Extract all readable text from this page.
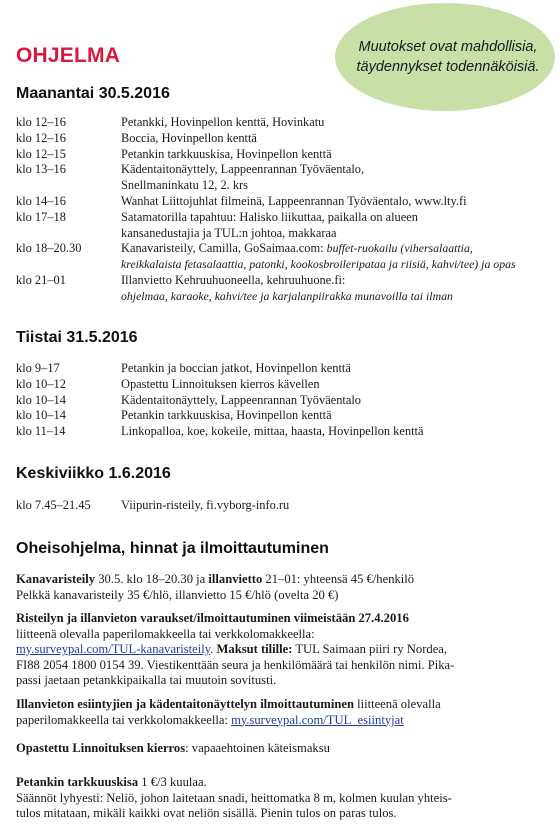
OHJELMA	Muutokset ovat mahdollisia,
täydennykset todennäköisiä.
Maanantai 30.5.2016
klo 12–16	Petankki, Hovinpellon kenttä, Hovinkatu
klo 12–16	Boccia, Hovinpellon kenttä
klo 12–15	Petankin tarkkuuskisa, Hovinpellon kenttä
klo 13–16	Kädentaitonäyttely, Lappeenrannan Työväentalo,
Snellmaninkatu 12, 2. krs
klo 14–16	Wanhat Liittojuhlat filmeinä, Lappeenrannan Työväentalo, www.lty.fi
klo 17–18	Satamatorilla tapahtuu: Halisko liikuttaa, paikalla on alueen
kansanedustajia ja TUL:n johtoa, makkaraa
klo 18–20.30	Kanavaristeily, Camilla, GoSaimaa.com: buffet-ruokailu (vihersalaattia,
kreikkalaista fetasalaattia, patonki, kookosbroileripataa ja riisiä, kahvi/tee) ja opas
klo 21–01	Illanvietto Kehruuhuoneella, kehruuhuone.fi:
ohjelmaa, karaoke, kahvi/tee ja karjalanpiirakka munavoilla tai ilman
Tiistai 31.5.2016
klo 9–17	Petankin ja boccian jatkot, Hovinpellon kenttä
klo 10–12	Opastettu Linnoituksen kierros kävellen
klo 10–14	Kädentaitonäyttely, Lappeenrannan Työväentalo
klo 10–14	Petankin tarkkuuskisa, Hovinpellon kenttä
klo 11–14	Linkopalloa, koe, kokeile, mittaa, haasta, Hovinpellon kenttä
Keskiviikko 1.6.2016
klo 7.45–21.45	Viipurin-risteily, fi.vyborg-info.ru
Oheisohjelma, hinnat ja ilmoittautuminen

Kanavaristeily 30.5. klo 18–20.30 ja illanvietto 21–01: yhteensä 45 €/henkilö

Pelkkä kanavaristeily 35 €/hlö, illanvietto 15 €/hlö (ovelta 20 €)

Risteilyn ja illanvieton varaukset/ilmoittautuminen viimeistään 27.4.2016

liitteenä olevalla paperilomakkeella tai verkkolomakkeella:

my.surveypal.com/TUL-kanavaristeily. Maksut tilille: TUL Saimaan piiri ry Nordea,

FI88 2054 1800 0154 39. Viestikenttään seura ja henkilömäärä tai henkilön nimi. Pika-

passi jaetaan petankkipaikalla tai muutoin sovitusti.

Illanvieton esiintyjien ja kädentaitonäyttelyn ilmoittautuminen liitteenä olevalla

paperilomakkeella tai verkkolomakkeella: my.surveypal.com/TUL_esiintyjat

Opastettu Linnoituksen kierros: vapaaehtoinen käteismaksu

Petankin tarkkuuskisa 1 €/3 kuulaa.

Säännöt lyhyesti: Neliö, johon laitetaan snadi, heittomatka 8 m, kolmen kuulan yhteis-

tulos mitataan, mikäli kaikki ovat neliön sisällä. Pienin tulos on paras tulos.
